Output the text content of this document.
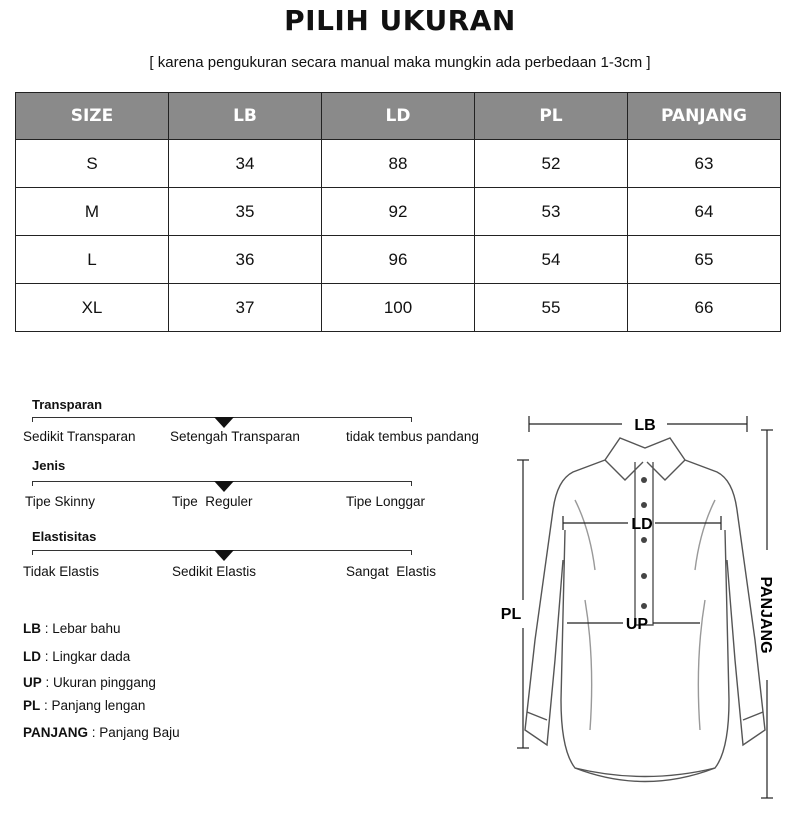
PILIH UKURAN
[ karena pengukuran secara manual maka mungkin ada perbedaan 1-3cm ]
SIZE	LB	LD	PL	PANJANG
S	34	88	52	63
M	35	92	53	64
L	36	96	54	65
XL	37	100	55	66
Transparan
Sedikit Transparan	Setengah Transparan	tidak tembus pandang
Jenis
Tipe Skinny	Tipe  Reguler	Tipe Longgar
Elastisitas
Tidak Elastis	Sedikit Elastis	Sangat  Elastis
LB : Lebar bahu
LD : Lingkar dada
UP : Ukuran pinggang
PL : Panjang lengan
PANJANG : Panjang Baju
LB
LD
UP
PL	PANJANG
